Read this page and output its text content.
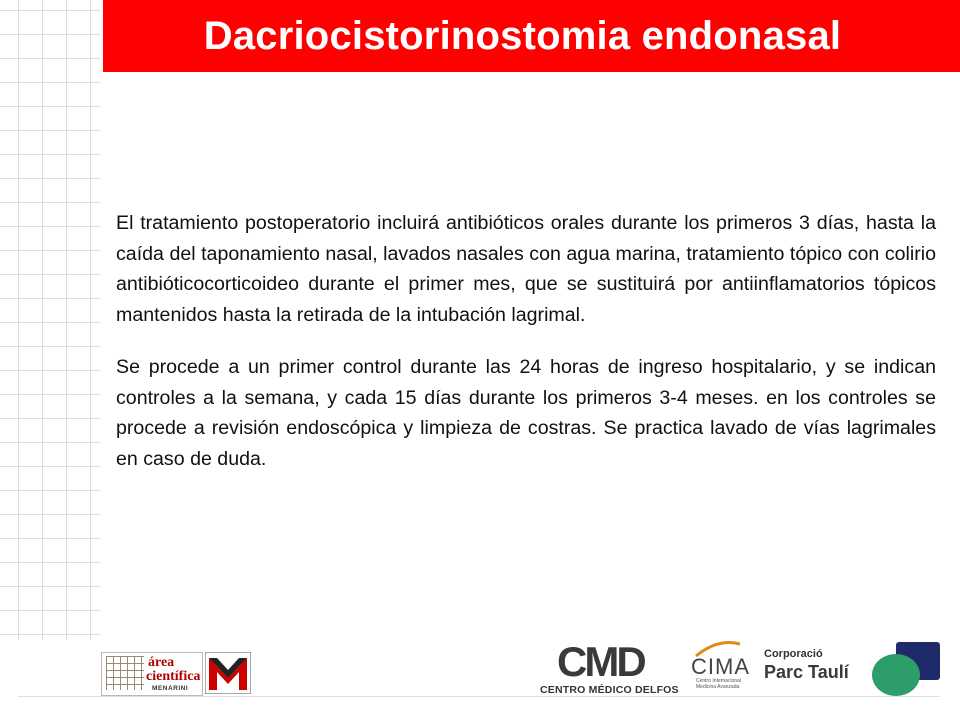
Dacriocistorinostomia endonasal

El tratamiento postoperatorio incluirá antibióticos orales durante los primeros 3 días, hasta la caída del taponamiento nasal, lavados nasales con agua marina, tratamiento tópico con colirio antibióticocorticoideo durante el primer mes, que se sustituirá por antiinflamatorios tópicos mantenidos hasta la retirada de la intubación lagrimal.

Se procede a un primer control durante las 24 horas de ingreso hospitalario, y se indican controles a la semana, y cada 15 días durante los primeros 3-4 meses. en los controles se procede a revisión endoscópica y limpieza de costras. Se practica lavado de vías lagrimales en caso de duda.

área
científica
MENARINI
CMD
CENTRO MÉDICO DELFOS
CIMA
Centro Internacional Medicina Avanzada
Corporació
Parc Taulí
